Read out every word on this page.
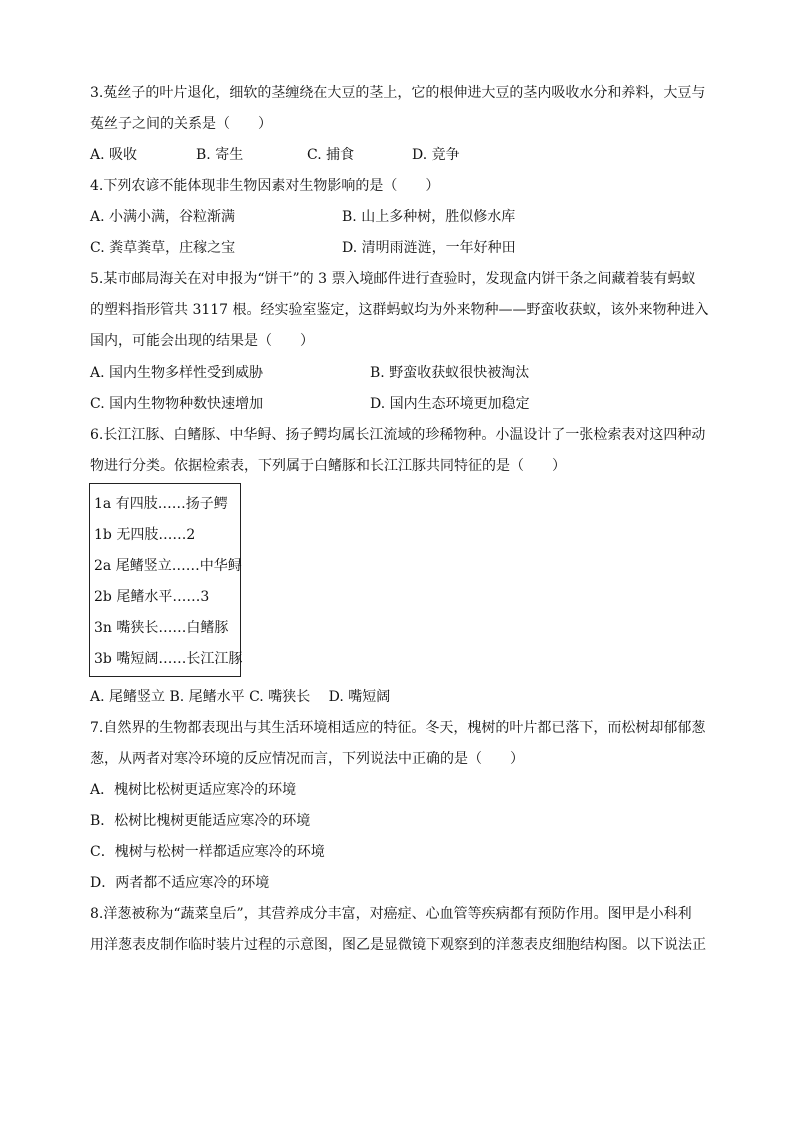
3.菟丝子的叶片退化，细软的茎缠绕在大豆的茎上，它的根伸进大豆的茎内吸收水分和养料，大豆与
菟丝子之间的关系是（　　）
A. 吸收	B. 寄生	C. 捕食	D. 竞争
4.下列农谚不能体现非生物因素对生物影响的是（　　）
A. 小满小满，谷粒渐满	B. 山上多种树，胜似修水库
C. 粪草粪草，庄稼之宝	D. 清明雨涟涟，一年好种田
5.某市邮局海关在对申报为“饼干”的 3 票入境邮件进行查验时，发现盒内饼干条之间藏着装有蚂蚁
的塑料指形管共 3117 根。经实验室鉴定，这群蚂蚁均为外来物种——野蛮收获蚁，该外来物种进入
国内，可能会出现的结果是（　　）
A. 国内生物多样性受到威胁	B. 野蛮收获蚁很快被淘汰
C. 国内生物物种数快速增加	D. 国内生态环境更加稳定
6.长江江豚、白鳍豚、中华鲟、扬子鳄均属长江流域的珍稀物种。小温设计了一张检索表对这四种动
物进行分类。依据检索表，下列属于白鳍豚和长江江豚共同特征的是（　　）
1a 有四肢……扬子鳄
1b 无四肢……2
2a 尾鳍竖立……中华鲟
2b 尾鳍水平……3
3n 嘴狭长……白鳍豚
3b 嘴短阔……长江江豚
A. 尾鳍竖立 B. 尾鳍水平 C. 嘴狭长　 D. 嘴短阔
7.自然界的生物都表现出与其生活环境相适应的特征。冬天，槐树的叶片都已落下，而松树却郁郁葱
葱，从两者对寒冷环境的反应情况而言，下列说法中正确的是（　　）
A．槐树比松树更适应寒冷的环境
B．松树比槐树更能适应寒冷的环境
C．槐树与松树一样都适应寒冷的环境
D．两者都不适应寒冷的环境
8.洋葱被称为“蔬菜皇后”，其营养成分丰富，对癌症、心血管等疾病都有预防作用。图甲是小科利
用洋葱表皮制作临时装片过程的示意图，图乙是显微镜下观察到的洋葱表皮细胞结构图。以下说法正
